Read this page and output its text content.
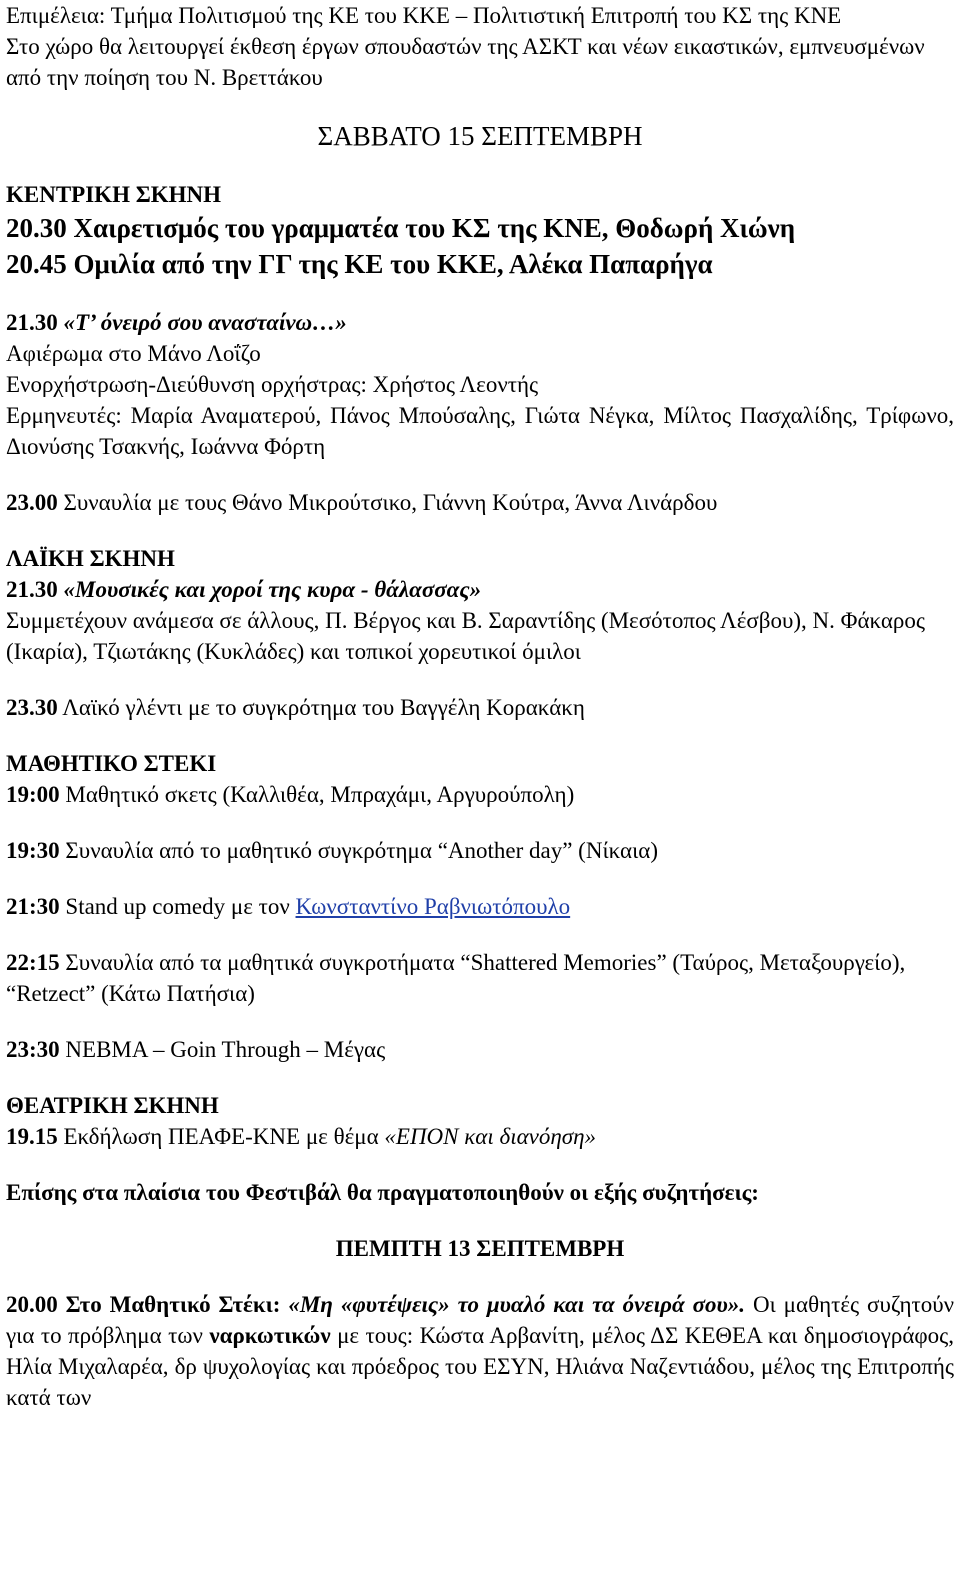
Επιμέλεια: Τμήμα Πολιτισμού της ΚΕ του ΚΚΕ – Πολιτιστική Επιτροπή του ΚΣ της ΚΝΕ

Στο χώρο θα λειτουργεί έκθεση έργων σπουδαστών της ΑΣΚΤ και νέων εικαστικών, εμπνευσμένων από την ποίηση του Ν. Βρεττάκου

ΣΑΒΒΑΤΟ 15 ΣΕΠΤΕΜΒΡΗ

ΚΕΝΤΡΙΚΗ ΣΚΗΝΗ

20.30 Χαιρετισμός του γραμματέα του ΚΣ της ΚΝΕ, Θοδωρή Χιώνη

20.45 Ομιλία από την ΓΓ της ΚΕ του ΚΚΕ, Αλέκα Παπαρήγα

21.30 «Τ’ όνειρό σου ανασταίνω…»

Αφιέρωμα στο Μάνο Λοΐζο

Ενορχήστρωση-Διεύθυνση ορχήστρας: Χρήστος Λεοντής

Ερμηνευτές: Μαρία Αναματερού, Πάνος Μπούσαλης, Γιώτα Νέγκα, Μίλτος Πασχαλίδης, Τρίφωνο, Διονύσης Τσακνής, Ιωάννα Φόρτη

23.00 Συναυλία με τους Θάνο Μικρούτσικο, Γιάννη Κούτρα, Άννα Λινάρδου

ΛΑΪΚΗ ΣΚΗΝΗ

21.30 «Μουσικές και χοροί της κυρα - θάλασσας»

Συμμετέχουν ανάμεσα σε άλλους, Π. Βέργος και Β. Σαραντίδης (Μεσότοπος Λέσβου), Ν. Φάκαρος (Ικαρία), Τζιωτάκης (Κυκλάδες) και τοπικοί χορευτικοί όμιλοι

23.30 Λαϊκό γλέντι με το συγκρότημα του Βαγγέλη Κορακάκη

ΜΑΘΗΤΙΚΟ ΣΤΕΚΙ

19:00 Μαθητικό σκετς (Καλλιθέα, Μπραχάμι, Αργυρούπολη)

19:30 Συναυλία από το μαθητικό συγκρότημα “Another day” (Νίκαια)

21:30 Stand up comedy με τον Κωνσταντίνο Ραβνιωτόπουλο

22:15 Συναυλία από τα μαθητικά συγκροτήματα “Shattered Memories” (Ταύρος, Μεταξουργείο), “Retzect” (Κάτω Πατήσια)

23:30 ΝΕΒΜΑ – Goin Through – Μέγας

ΘΕΑΤΡΙΚΗ ΣΚΗΝΗ

19.15 Εκδήλωση ΠΕΑΦΕ-ΚΝΕ με θέμα «ΕΠΟΝ και διανόηση»

Επίσης στα πλαίσια του Φεστιβάλ θα πραγματοποιηθούν οι εξής συζητήσεις:

ΠΕΜΠΤΗ 13 ΣΕΠΤΕΜΒΡΗ

20.00 Στο Μαθητικό Στέκι: «Μη «φυτέψεις» το μυαλό και τα όνειρά σου». Οι μαθητές συζητούν για το πρόβλημα των ναρκωτικών με τους: Κώστα Αρβανίτη, μέλος ΔΣ ΚΕΘΕΑ και δημοσιογράφος, Ηλία Μιχαλαρέα, δρ ψυχολογίας και πρόεδρος του ΕΣΥΝ, Ηλιάνα Ναζεντιάδου, μέλος της Επιτροπής κατά των
